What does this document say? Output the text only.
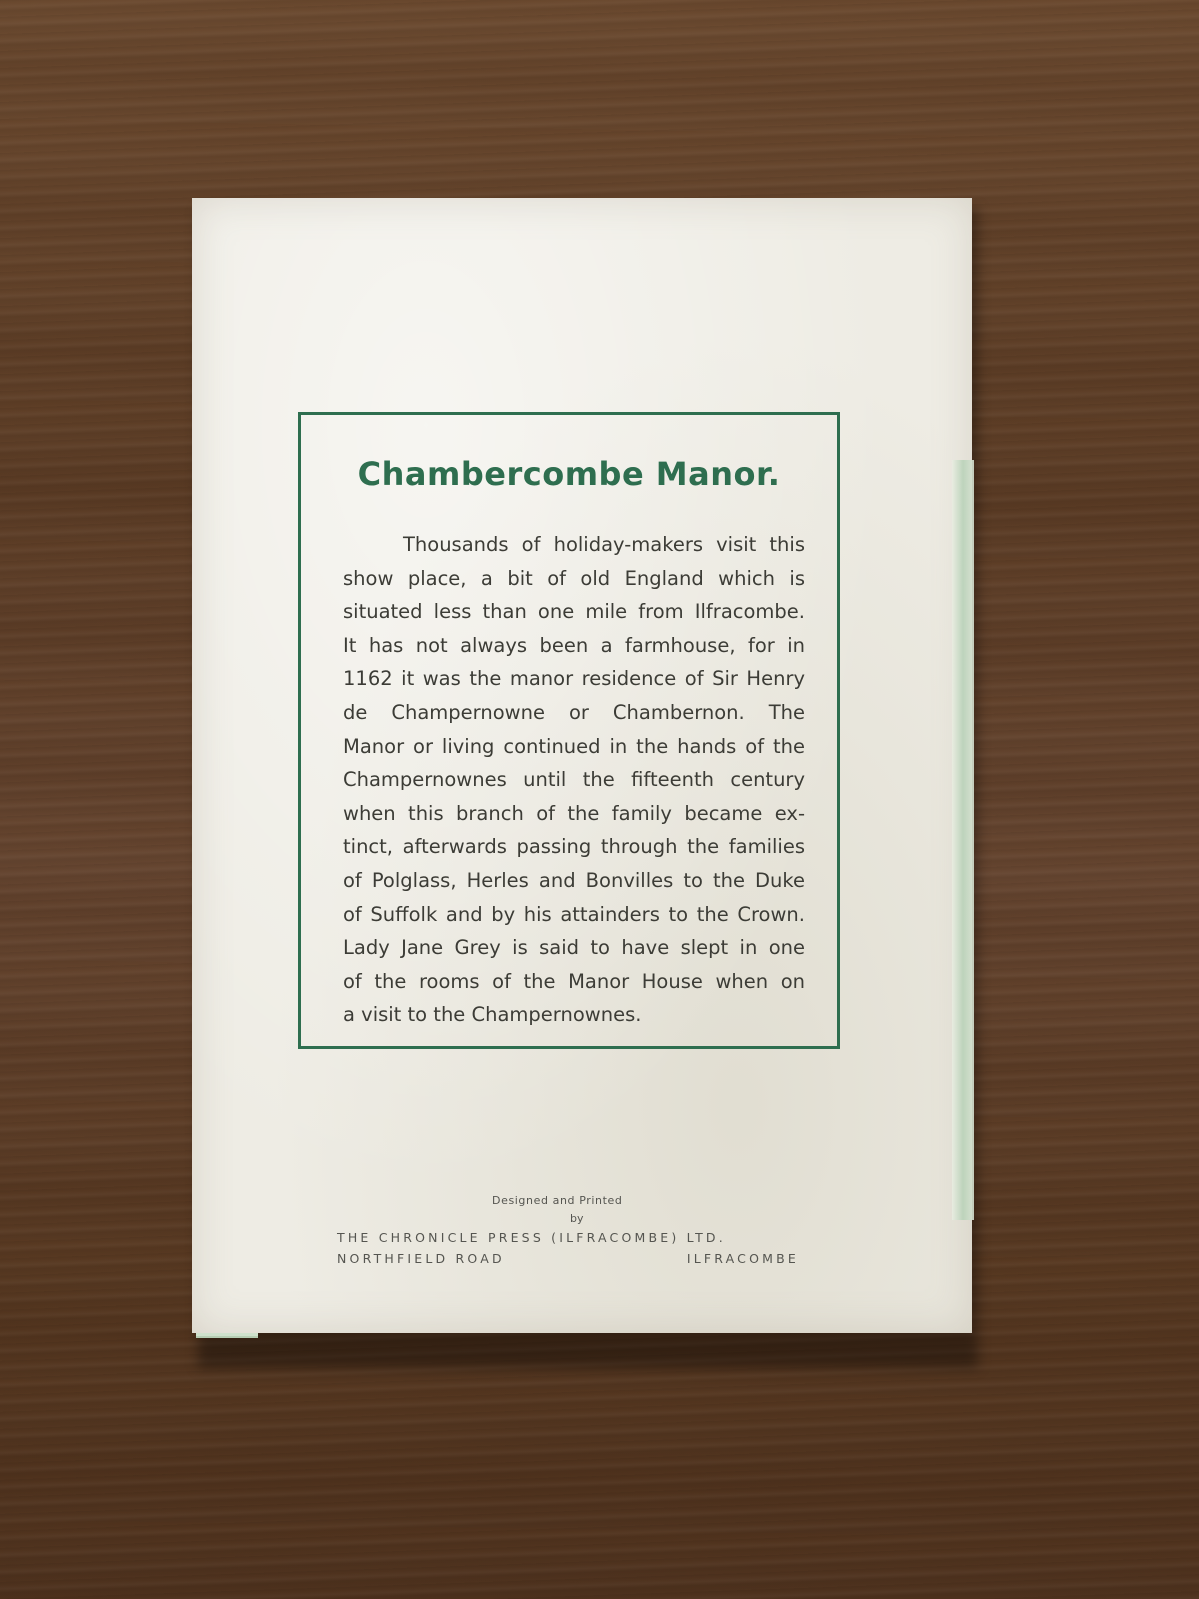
Chambercombe Manor.
Thousands of holiday-makers visit this
show place, a bit of old England which is
situated less than one mile from Ilfracombe.
It has not always been a farmhouse, for in
1162 it was the manor residence of Sir Henry
de Champernowne or Chambernon. The
Manor or living continued in the hands of the
Champernownes until the fifteenth century
when this branch of the family became ex-
tinct, afterwards passing through the families
of Polglass, Herles and Bonvilles to the Duke
of Suffolk and by his attainders to the Crown.
Lady Jane Grey is said to have slept in one
of the rooms of the Manor House when on
a visit to the Champernownes.
Designed and Printed
by
THE CHRONICLE PRESS (ILFRACOMBE) LTD.
NORTHFIELD ROAD	ILFRACOMBE
